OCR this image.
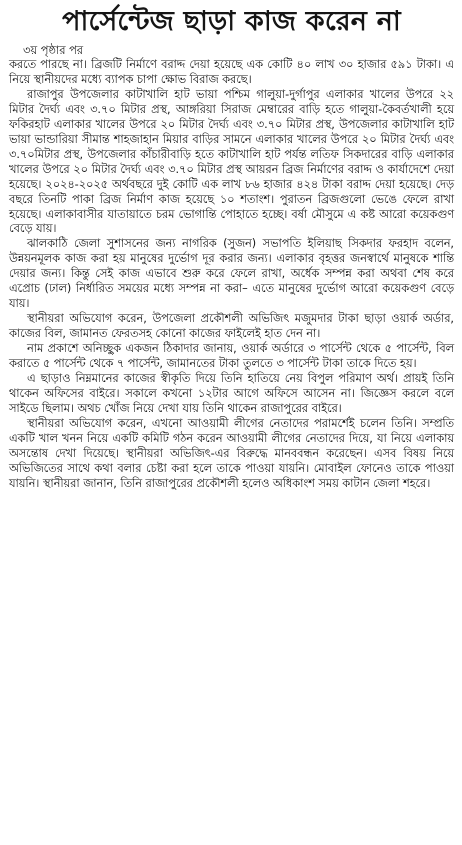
পার্সেন্টেজ ছাড়া কাজ করেন না
৩য় পৃষ্ঠার পর

করতে পারছে না। ব্রিজটি নির্মাণে বরাদ্দ দেয়া হয়েছে এক কোটি ৪০ লাখ ৩০ হাজার ৫৯১ টাকা। এ নিয়ে স্থানীয়দের মধ্যে ব্যাপক চাপা ক্ষোভ বিরাজ করছে।

রাজাপুর উপজেলার কাটাখালি হাট ভায়া পশ্চিম গালুয়া-দুর্গাপুর এলাকার খালের উপরে ২২ মিটার দৈর্ঘ্য এবং ৩.৭০ মিটার প্রস্থ, আঙ্গরিয়া সিরাজ মেম্বারের বাড়ি হতে গালুয়া-কৈবর্তখালী হয়ে ফকিরহাট এলাকার খালের উপরে ২০ মিটার দৈর্ঘ্য এবং ৩.৭০ মিটার প্রস্থ, উপজেলার কাটাখালি হাট ভায়া ভান্ডারিয়া সীমান্ত শাহজাহান মিয়ার বাড়ির সামনে এলাকার খালের উপরে ২০ মিটার দৈর্ঘ্য এবং ৩.৭০মিটার প্রস্থ, উপজেলার কাঁচারীবাড়ি হতে কাটাখালি হাট পর্যন্ত লতিফ সিকদারের বাড়ি এলাকার খালের উপরে ২০ মিটার দৈর্ঘ্য এবং ৩.৭০ মিটার প্রস্থ আয়রন ব্রিজ নির্মাণের বরাদ্দ ও কার্যাদেশে দেয়া হয়েছে। ২০২৪-২০২৫ অর্থবছরে দুই কোটি এক লাখ ৮৬ হাজার ৪২৪ টাকা বরাদ্দ দেয়া হয়েছে। দেড় বছরে তিনটি পাকা ব্রিজ নির্মাণ কাজ হয়েছে ১০ শতাংশ। পুরাতন ব্রিজগুলো ভেঙে ফেলে রাখা হয়েছে। এলাকাবাসীর যাতায়াতে চরম ভোগান্তি পোহাতে হচ্ছে। বর্ষা মৌসুমে এ কষ্ট আরো কয়েকগুণ বেড়ে যায়।

ঝালকাঠি জেলা সুশাসনের জন্য নাগরিক (সুজন) সভাপতি ইলিয়াছ সিকদার ফরহাদ বলেন, উন্নয়নমূলক কাজ করা হয় মানুষের দুর্ভোগ দূর করার জন্য। এলাকার বৃহত্তর জনস্বার্থে মানুষকে শান্তি দেয়ার জন্য। কিন্তু সেই কাজ এভাবে শুরু করে ফেলে রাখা, অর্ধেক সম্পন্ন করা অথবা শেষ করে এপ্রোচ (ঢাল) নির্ধারিত সময়ের মধ্যে সম্পন্ন না করা– এতে মানুষের দুর্ভোগ আরো কয়েকগুণ বেড়ে যায়।

স্থানীয়রা অভিযোগ করেন, উপজেলা প্রকৌশলী অভিজিৎ মজুমদার টাকা ছাড়া ওয়ার্ক অর্ডার, কাজের বিল, জামানত ফেরতসহ কোনো কাজের ফাইলেই হাত দেন না।

নাম প্রকাশে অনিচ্ছুক একজন ঠিকাদার জানায়, ওয়ার্ক অর্ডারে ৩ পার্সেন্ট থেকে ৫ পার্সেন্ট, বিল করাতে ৫ পার্সেন্ট থেকে ৭ পার্সেন্ট, জামানতের টাকা তুলতে ৩ পার্সেন্ট টাকা তাকে দিতে হয়।

এ ছাড়াও নিম্নমানের কাজের স্বীকৃতি দিয়ে তিনি হাতিয়ে নেয় বিপুল পরিমাণ অর্থ। প্রায়ই তিনি থাকেন অফিসের বাইরে। সকালে কখনো ১২টার আগে অফিসে আসেন না। জিজ্ঞেস করলে বলে সাইডে ছিলাম। অথচ খোঁজ নিয়ে দেখা যায় তিনি থাকেন রাজাপুরের বাইরে।

স্থানীয়রা অভিযোগ করেন, এখনো আওয়ামী লীগের নেতাদের পরামর্শেই চলেন তিনি। সম্প্রতি একটি খাল খনন নিয়ে একটি কমিটি গঠন করেন আওয়ামী লীগের নেতাদের দিয়ে, যা নিয়ে এলাকায় অসন্তোষ দেখা দিয়েছে। স্থানীয়রা অভিজিৎ-এর বিরুদ্ধে মানববন্ধন করেছেন। এসব বিষয় নিয়ে অভিজিতের সাথে কথা বলার চেষ্টা করা হলে তাকে পাওয়া যায়নি। মোবাইল ফোনেও তাকে পাওয়া যায়নি। স্থানীয়রা জানান, তিনি রাজাপুরের প্রকৌশলী হলেও অধিকাংশ সময় কাটান জেলা শহরে।
